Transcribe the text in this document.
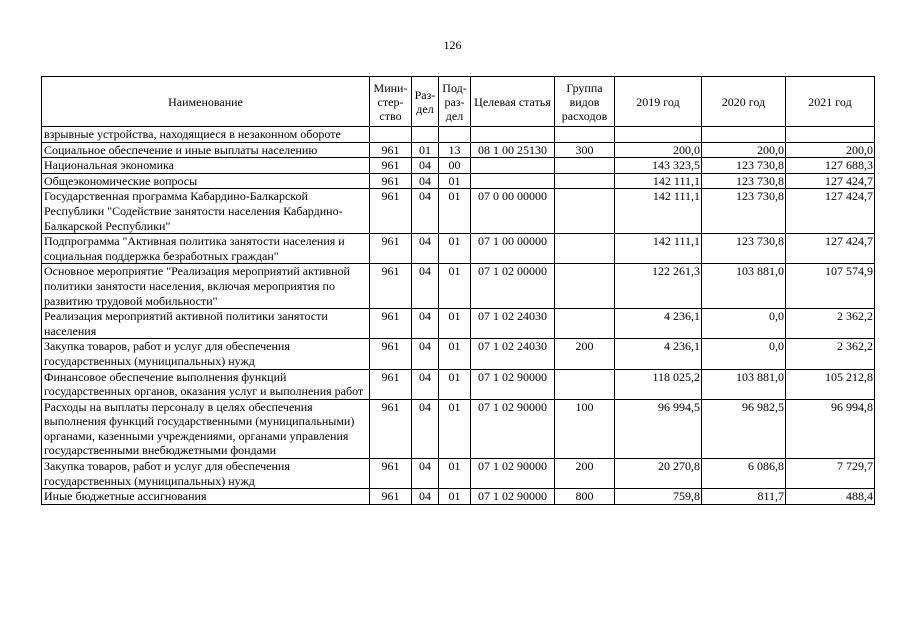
126
Наименование	Мини-стер-ство	Раз-дел	Под-раз-дел	Целевая статья	Группа видов расходов	2019 год	2020 год	2021 год
взрывные устройства, находящиеся в незаконном обороте								
Социальное обеспечение и иные выплаты населению	961	01	13	08 1 00 25130	300	200,0	200,0	200,0
Национальная экономика	961	04	00			143 323,5	123 730,8	127 688,3
Общеэкономические вопросы	961	04	01			142 111,1	123 730,8	127 424,7
Государственная программа Кабардино-Балкарской Республики "Содействие занятости населения Кабардино-Балкарской Республики"	961	04	01	07 0 00 00000		142 111,1	123 730,8	127 424,7
Подпрограмма "Активная политика занятости населения и социальная поддержка безработных граждан"	961	04	01	07 1 00 00000		142 111,1	123 730,8	127 424,7
Основное мероприятие "Реализация мероприятий активной политики занятости населения, включая мероприятия по развитию трудовой мобильности"	961	04	01	07 1 02 00000		122 261,3	103 881,0	107 574,9
Реализация мероприятий активной политики занятости населения	961	04	01	07 1 02 24030		4 236,1	0,0	2 362,2
Закупка товаров, работ и услуг для обеспечения государственных (муниципальных) нужд	961	04	01	07 1 02 24030	200	4 236,1	0,0	2 362,2
Финансовое обеспечение выполнения функций государственных органов, оказания услуг и выполнения работ	961	04	01	07 1 02 90000		118 025,2	103 881,0	105 212,8
Расходы на выплаты персоналу в целях обеспечения выполнения функций государственными (муниципальными) органами, казенными учреждениями, органами управления государственными внебюджетными фондами	961	04	01	07 1 02 90000	100	96 994,5	96 982,5	96 994,8
Закупка товаров, работ и услуг для обеспечения государственных (муниципальных) нужд	961	04	01	07 1 02 90000	200	20 270,8	6 086,8	7 729,7
Иные бюджетные ассигнования	961	04	01	07 1 02 90000	800	759,8	811,7	488,4
